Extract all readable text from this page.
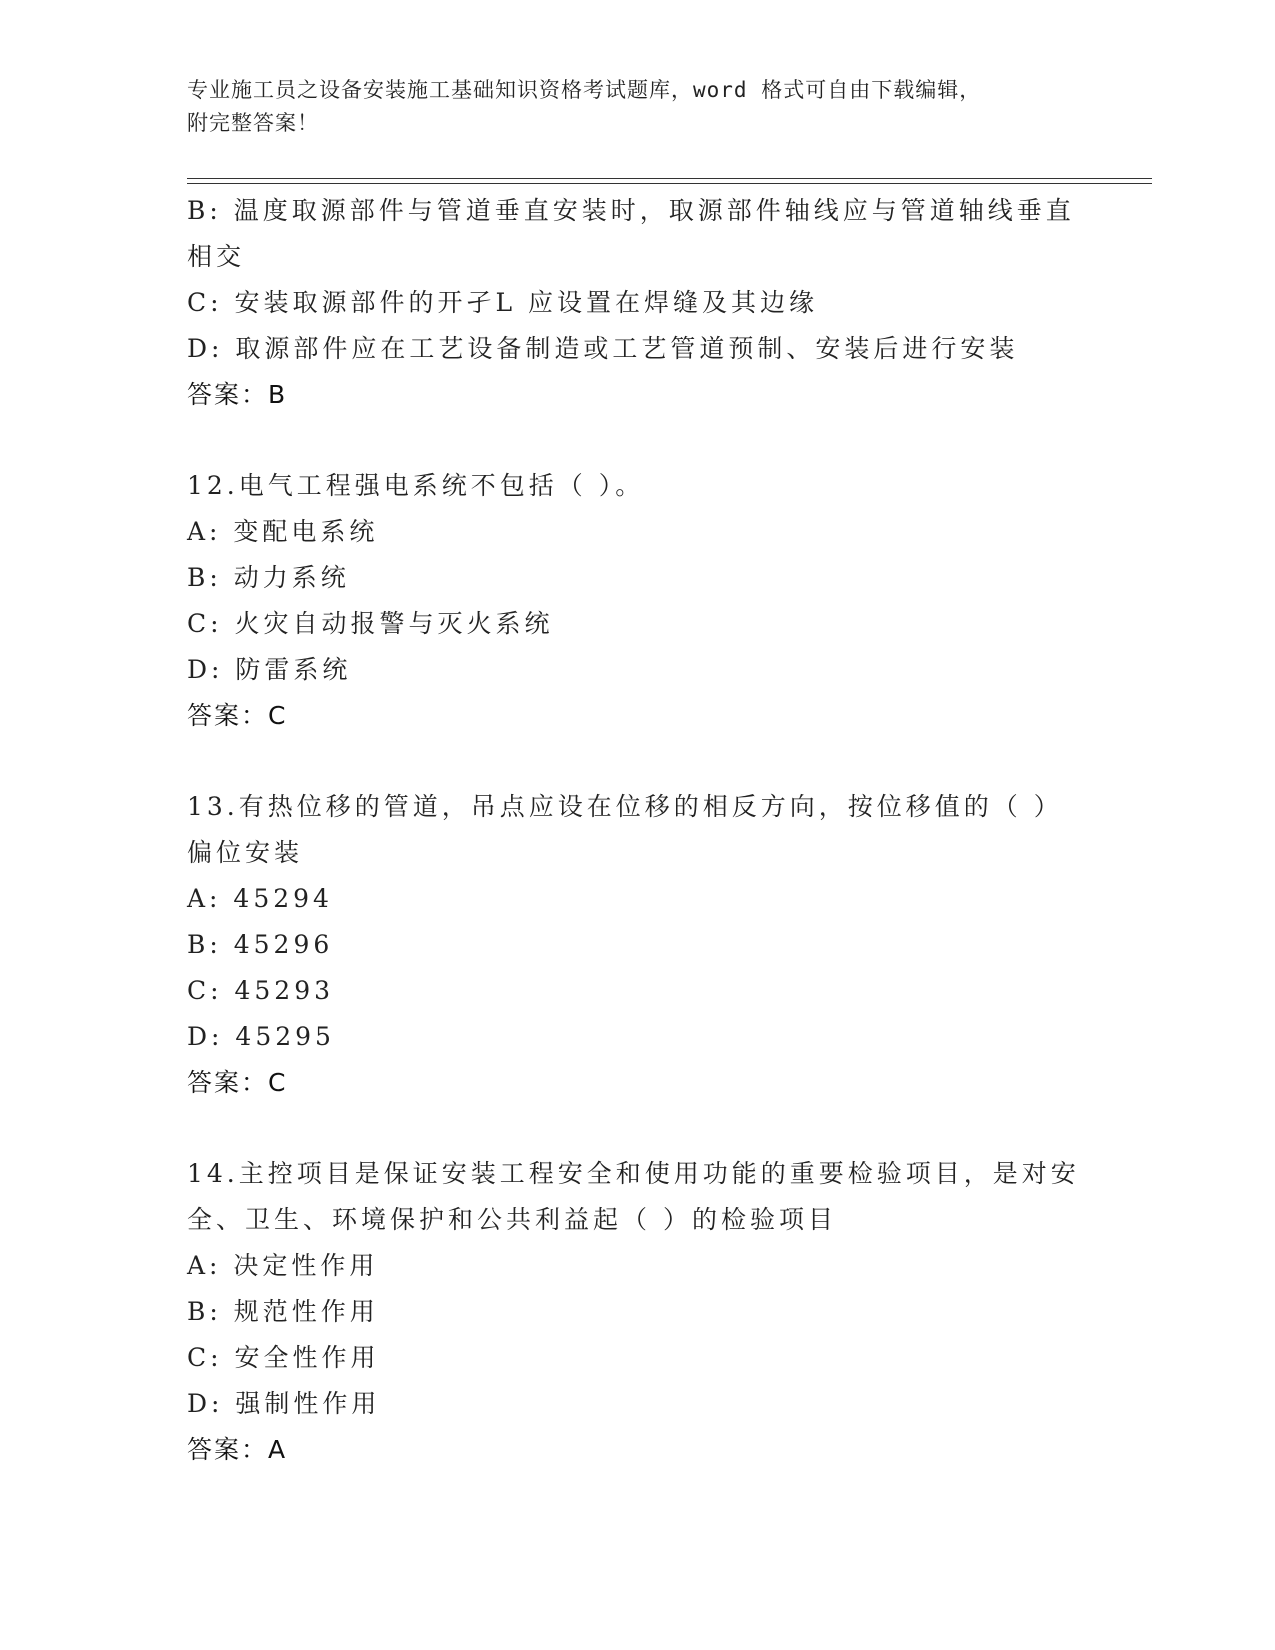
专业施工员之设备安装施工基础知识资格考试题库，word 格式可自由下载编辑，
附完整答案！
B: 温度取源部件与管道垂直安装时，取源部件轴线应与管道轴线垂直
相交
C: 安装取源部件的开孑L 应设置在焊缝及其边缘
D: 取源部件应在工艺设备制造或工艺管道预制、安装后进行安装
答案：B
12.电气工程强电系统不包括（ ）。
A: 变配电系统
B: 动力系统
C: 火灾自动报警与灭火系统
D: 防雷系统
答案：C
13.有热位移的管道，吊点应设在位移的相反方向，按位移值的（ ）
偏位安装
A: 45294
B: 45296
C: 45293
D: 45295
答案：C
14.主控项目是保证安装工程安全和使用功能的重要检验项目，是对安
全、卫生、环境保护和公共利益起（ ）的检验项目
A: 决定性作用
B: 规范性作用
C: 安全性作用
D: 强制性作用
答案：A
